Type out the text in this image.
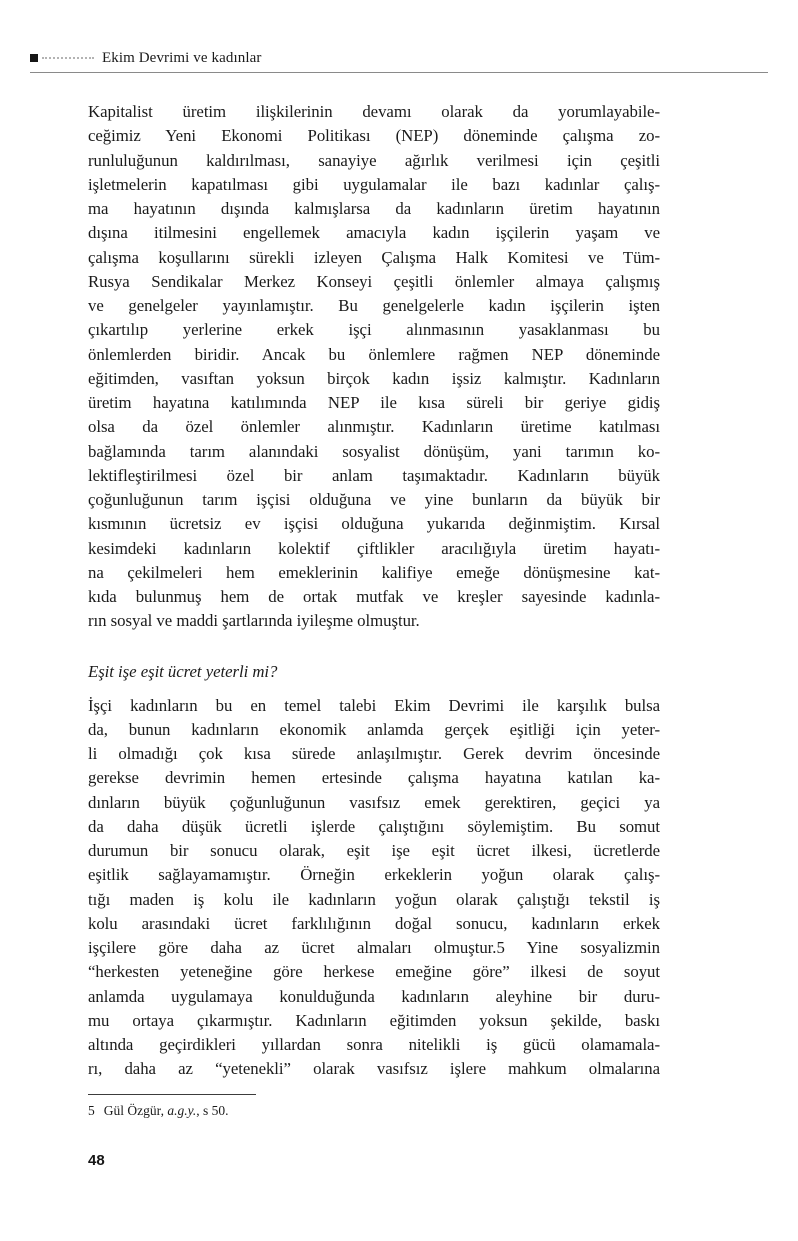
Ekim Devrimi ve kadınlar
Kapitalist üretim ilişkilerinin devamı olarak da yorumlayabile-
ceğimiz Yeni Ekonomi Politikası (NEP) döneminde çalışma zo-
runluluğunun kaldırılması, sanayiye ağırlık verilmesi için çeşitli
işletmelerin kapatılması gibi uygulamalar ile bazı kadınlar çalış-
ma hayatının dışında kalmışlarsa da kadınların üretim hayatının
dışına itilmesini engellemek amacıyla kadın işçilerin yaşam ve
çalışma koşullarını sürekli izleyen Çalışma Halk Komitesi ve Tüm-
Rusya Sendikalar Merkez Konseyi çeşitli önlemler almaya çalışmış
ve genelgeler yayınlamıştır. Bu genelgelerle kadın işçilerin işten
çıkartılıp yerlerine erkek işçi alınmasının yasaklanması bu
önlemlerden biridir. Ancak bu önlemlere rağmen NEP döneminde
eğitimden, vasıftan yoksun birçok kadın işsiz kalmıştır. Kadınların
üretim hayatına katılımında NEP ile kısa süreli bir geriye gidiş
olsa da özel önlemler alınmıştır. Kadınların üretime katılması
bağlamında tarım alanındaki sosyalist dönüşüm, yani tarımın ko-
lektifleştirilmesi özel bir anlam taşımaktadır. Kadınların büyük
çoğunluğunun tarım işçisi olduğuna ve yine bunların da büyük bir
kısmının ücretsiz ev işçisi olduğuna yukarıda değinmiştim. Kırsal
kesimdeki kadınların kolektif çiftlikler aracılığıyla üretim hayatı-
na çekilmeleri hem emeklerinin kalifiye emeğe dönüşmesine kat-
kıda bulunmuş hem de ortak mutfak ve kreşler sayesinde kadınla-
rın sosyal ve maddi şartlarında iyileşme olmuştur.
Eşit işe eşit ücret yeterli mi?
İşçi kadınların bu en temel talebi Ekim Devrimi ile karşılık bulsa
da, bunun kadınların ekonomik anlamda gerçek eşitliği için yeter-
li olmadığı çok kısa sürede anlaşılmıştır. Gerek devrim öncesinde
gerekse devrimin hemen ertesinde çalışma hayatına katılan ka-
dınların büyük çoğunluğunun vasıfsız emek gerektiren, geçici ya
da daha düşük ücretli işlerde çalıştığını söylemiştim. Bu somut
durumun bir sonucu olarak, eşit işe eşit ücret ilkesi, ücretlerde
eşitlik sağlayamamıştır. Örneğin erkeklerin yoğun olarak çalış-
tığı maden iş kolu ile kadınların yoğun olarak çalıştığı tekstil iş
kolu arasındaki ücret farklılığının doğal sonucu, kadınların erkek
işçilere göre daha az ücret almaları olmuştur.5 Yine sosyalizmin
“herkesten yeteneğine göre herkese emeğine göre” ilkesi de soyut
anlamda uygulamaya konulduğunda kadınların aleyhine bir duru-
mu ortaya çıkarmıştır. Kadınların eğitimden yoksun şekilde, baskı
altında geçirdikleri yıllardan sonra nitelikli iş gücü olamamala-
rı, daha az “yetenekli” olarak vasıfsız işlere mahkum olmalarına
5 Gül Özgür, a.g.y., s 50.
48
